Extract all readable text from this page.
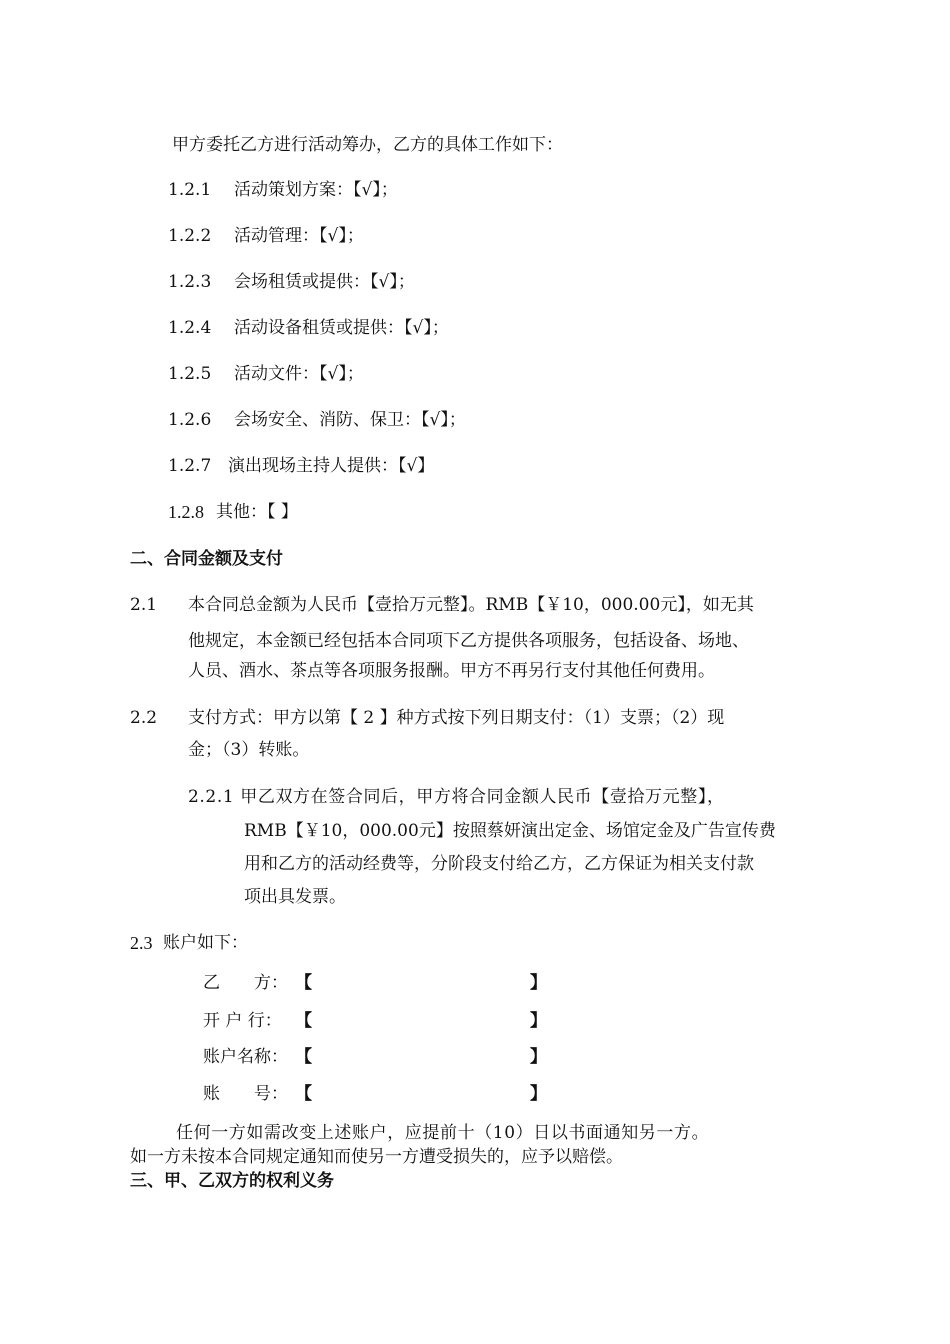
甲方委托乙方进行活动筹办，乙方的具体工作如下：
1.2.1 活动策划方案：【√】；
1.2.2 活动管理：【√】；
1.2.3 会场租赁或提供：【√】；
1.2.4 活动设备租赁或提供：【√】；
1.2.5 活动文件：【√】；
1.2.6 会场安全、消防、保卫：【√】；
1.2.7 演出现场主持人提供：【√】
1.2.8 其他：【 】
二、合同金额及支付
2.1 本合同总金额为人民币【壹拾万元整】。RMB【￥10，000.00元】，如无其
他规定，本金额已经包括本合同项下乙方提供各项服务，包括设备、场地、
人员、酒水、茶点等各项服务报酬。甲方不再另行支付其他任何费用。
2.2 支付方式：甲方以第【 2 】种方式按下列日期支付：（1）支票；（2）现
金；（3）转账。
2.2.1 甲乙双方在签合同后，甲方将合同金额人民币【壹拾万元整】，
RMB【￥10，000.00元】按照蔡妍演出定金、场馆定金及广告宣传费
用和乙方的活动经费等，分阶段支付给乙方，乙方保证为相关支付款
项出具发票。
2.3 账户如下：
乙　　方： 【	】
开 户 行： 【	】
账户名称： 【	】
账　　号： 【	】
任何一方如需改变上述账户，应提前十（10）日以书面通知另一方。
如一方未按本合同规定通知而使另一方遭受损失的，应予以赔偿。
三、甲、乙双方的权利义务
